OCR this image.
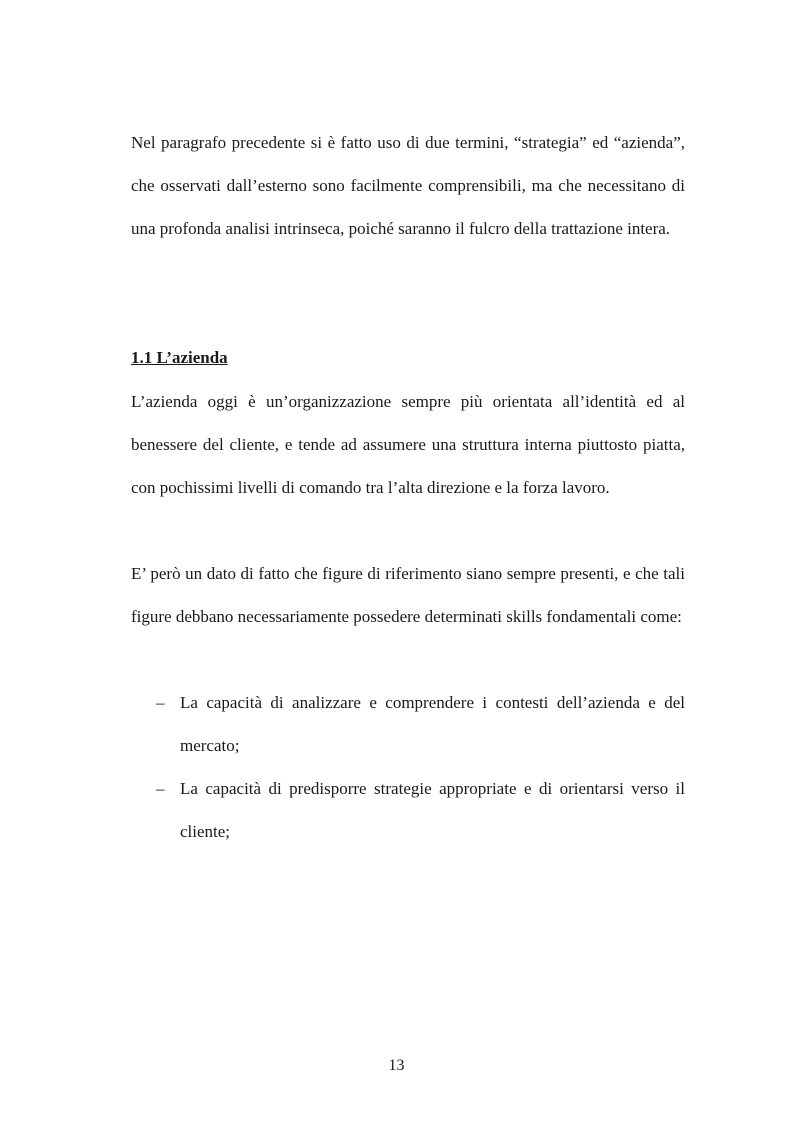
Nel paragrafo precedente si è fatto uso di due termini, “strategia” ed “azienda”, che osservati dall’esterno sono facilmente comprensibili, ma che necessitano di una profonda analisi intrinseca, poiché saranno il fulcro della trattazione intera.

1.1 L’azienda

L’azienda oggi è un’organizzazione sempre più orientata all’identità ed al benessere del cliente, e tende ad assumere una struttura interna piuttosto piatta, con pochissimi livelli di comando tra l’alta direzione e la forza lavoro.

E’ però un dato di fatto che figure di riferimento siano sempre presenti, e che tali figure debbano necessariamente possedere determinati skills fondamentali come:

– La capacità di analizzare e comprendere i contesti dell’azienda e del mercato;
– La capacità di predisporre strategie appropriate e di orientarsi verso il cliente;
13
